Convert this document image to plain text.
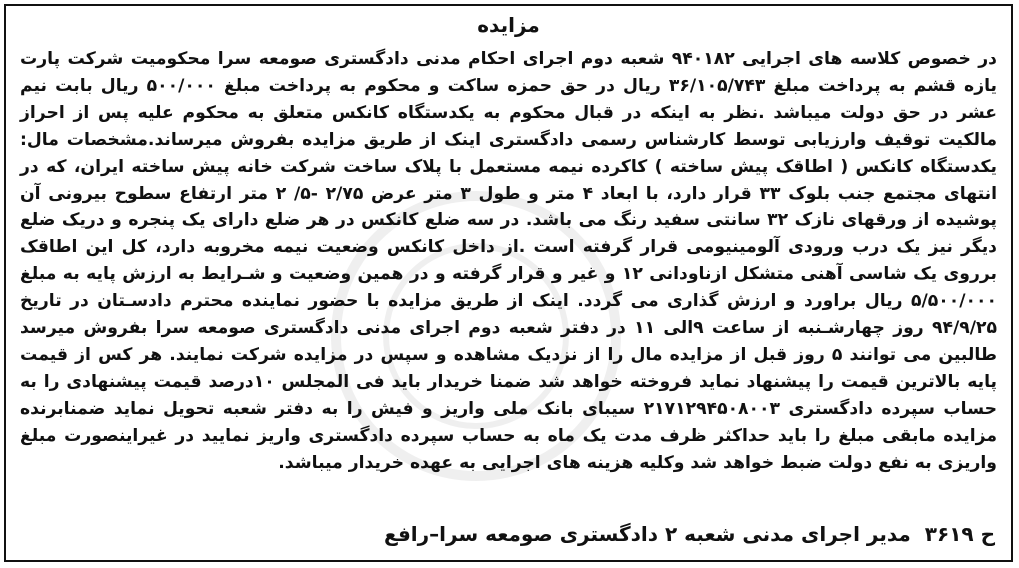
مزایده
در خصوص کلاسه های اجرایی ۹۴۰۱۸۲ شعبه دوم اجرای احکام مدنی دادگستری صومعه سرا محکومیت شرکت پارت یازه قشم به پرداخت مبلغ ۳۶/۱۰۵/۷۴۳ ریال در حق حمزه ساکت و محکوم به پرداخت مبلغ ۵۰۰/۰۰۰ ریال بابت نیم عشر در حق دولت میباشد .نظر به اینکه در قبال محکوم به یکدستگاه کانکس متعلق به محکوم علیه پس از احراز مالکیت توقیف وارزیابی توسط کارشناس رسمی دادگستری اینک از طریق مزایده بفروش میرساند.مشخصات مال: یکدستگاه کانکس ( اطاقک پیش ساخته ) کاکرده نیمه مستعمل با پلاک ساخت شرکت خانه پیش ساخته ایران، که در انتهای مجتمع جنب بلوک ۳۳ قرار دارد، با ابعاد ۴ متر و طول ۳ متر عرض ۲/۷۵ -۵/ ۲ متر ارتفاع سطوح بیرونی آن پوشیده از ورقهای نازک ۳۲ سانتی سفید رنگ می باشد. در سه ضلع کانکس در هر ضلع دارای یک پنجره و دریک ضلع دیگر نیز یک درب ورودی آلومینیومی قرار گرفته است .از داخل کانکس وضعیت نیمه مخروبه دارد، کل این اطاقک برروی یک شاسی آهنی متشکل ازناودانی ۱۲ و غیر و قرار گرفته و در همین وضعیت و شـرایط به ارزش پایه به مبلغ ۵/۵۰۰/۰۰۰ ریال براورد و ارزش گذاری می گردد. اینک از طریق مزایده با حضور نماینده محترم دادسـتان در تاریخ ۹۴/۹/۲۵ روز چهارشـنبه از ساعت ۹الی ۱۱ در دفتر شعبه دوم اجرای مدنی دادگستری صومعه سرا بفروش میرسد طالبین می توانند ۵ روز قبل از مزایده مال را از نزدیک مشاهده و سپس در مزایده شرکت نمایند. هر کس از قیمت پایه بالاترین قیمت را پیشنهاد نماید فروخته خواهد شد ضمنا خریدار باید فی المجلس ۱۰درصد قیمت پیشنهادی را به حساب سپرده دادگستری ۲۱۷۱۲۹۴۵۰۸۰۰۳ سیبای بانک ملی واریز و فیش را به دفتر شعبه تحویل نماید ضمنابرنده مزایده مابقی مبلغ را باید حداکثر ظرف مدت یک ماه به حساب سپرده دادگستری واریز نمایید در غیراینصورت مبلغ واریزی به نفع دولت ضبط خواهد شد وکلیه هزینه های اجرایی به عهده خریدار میباشد.
ح ۳۶۱۹مدیر اجرای مدنی شعبه ۲ دادگستری صومعه سرا–رافع
